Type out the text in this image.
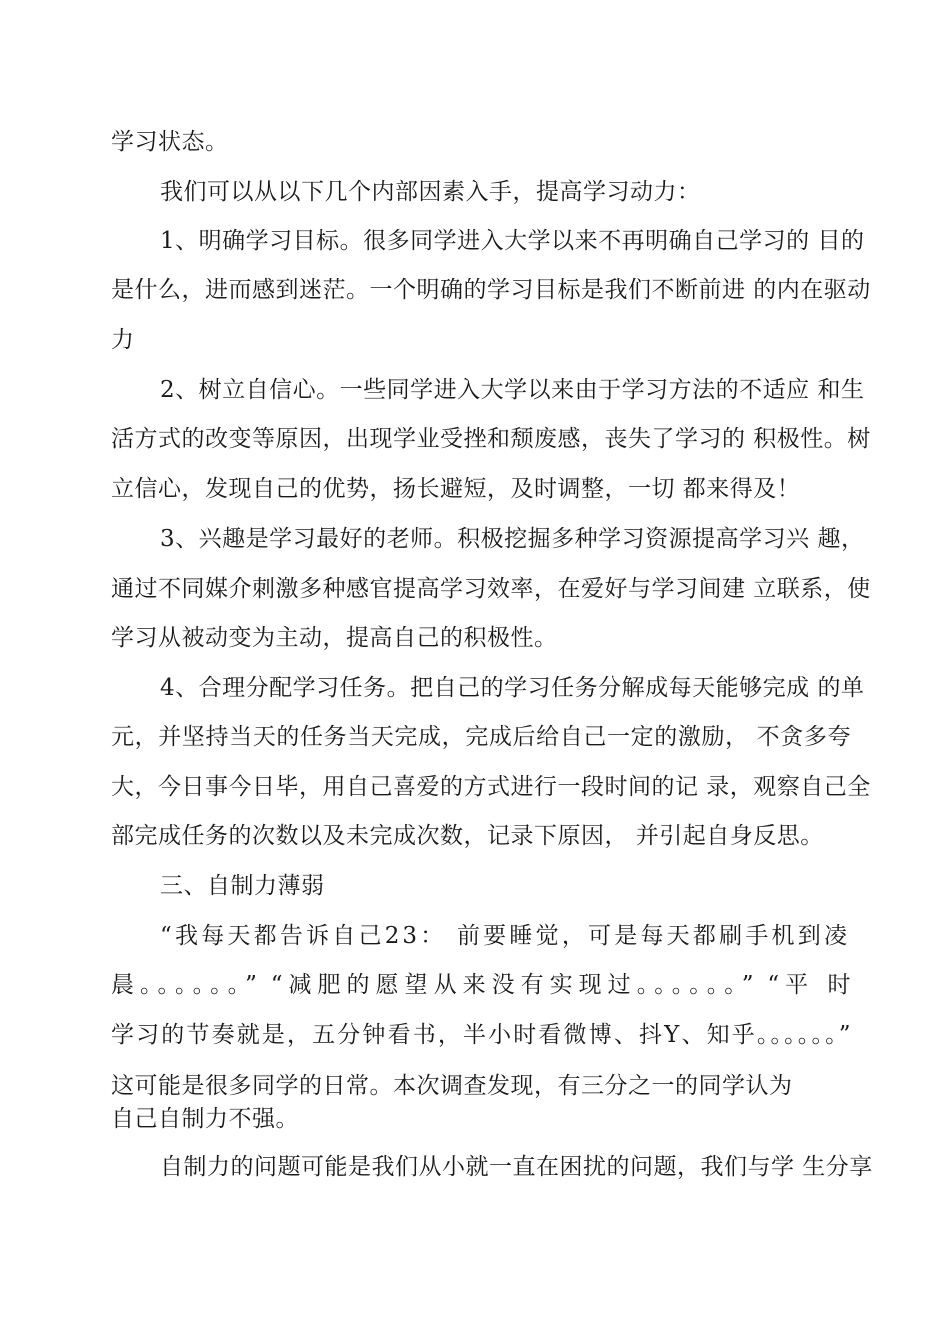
学习状态。
我们可以从以下几个内部因素入手，提高学习动力：
1、明确学习目标。很多同学进入大学以来不再明确自己学习的 目的
是什么，进而感到迷茫。一个明确的学习目标是我们不断前进 的内在驱动
力
2、树立自信心。一些同学进入大学以来由于学习方法的不适应 和生
活方式的改变等原因，出现学业受挫和颓废感，丧失了学习的 积极性。树
立信心，发现自己的优势，扬长避短，及时调整，一切 都来得及！
3、兴趣是学习最好的老师。积极挖掘多种学习资源提高学习兴 趣，
通过不同媒介刺激多种感官提高学习效率，在爱好与学习间建 立联系，使
学习从被动变为主动，提高自己的积极性。
4、合理分配学习任务。把自己的学习任务分解成每天能够完成 的单
元，并坚持当天的任务当天完成，完成后给自己一定的激励， 不贪多夸
大，今日事今日毕，用自己喜爱的方式进行一段时间的记 录，观察自己全
部完成任务的次数以及未完成次数，记录下原因， 并引起自身反思。
三、自制力薄弱
“我每天都告诉自己23： 前要睡觉，可是每天都刷手机到凌
晨。。。。。。” “减肥的愿望从来没有实现过。。。。。。” “平 时
学习的节奏就是，五分钟看书，半小时看微博、抖Y、知乎。。。。。。”
这可能是很多同学的日常。本次调查发现，有三分之一的同学认为
自己自制力不强。
自制力的问题可能是我们从小就一直在困扰的问题，我们与学 生分享
